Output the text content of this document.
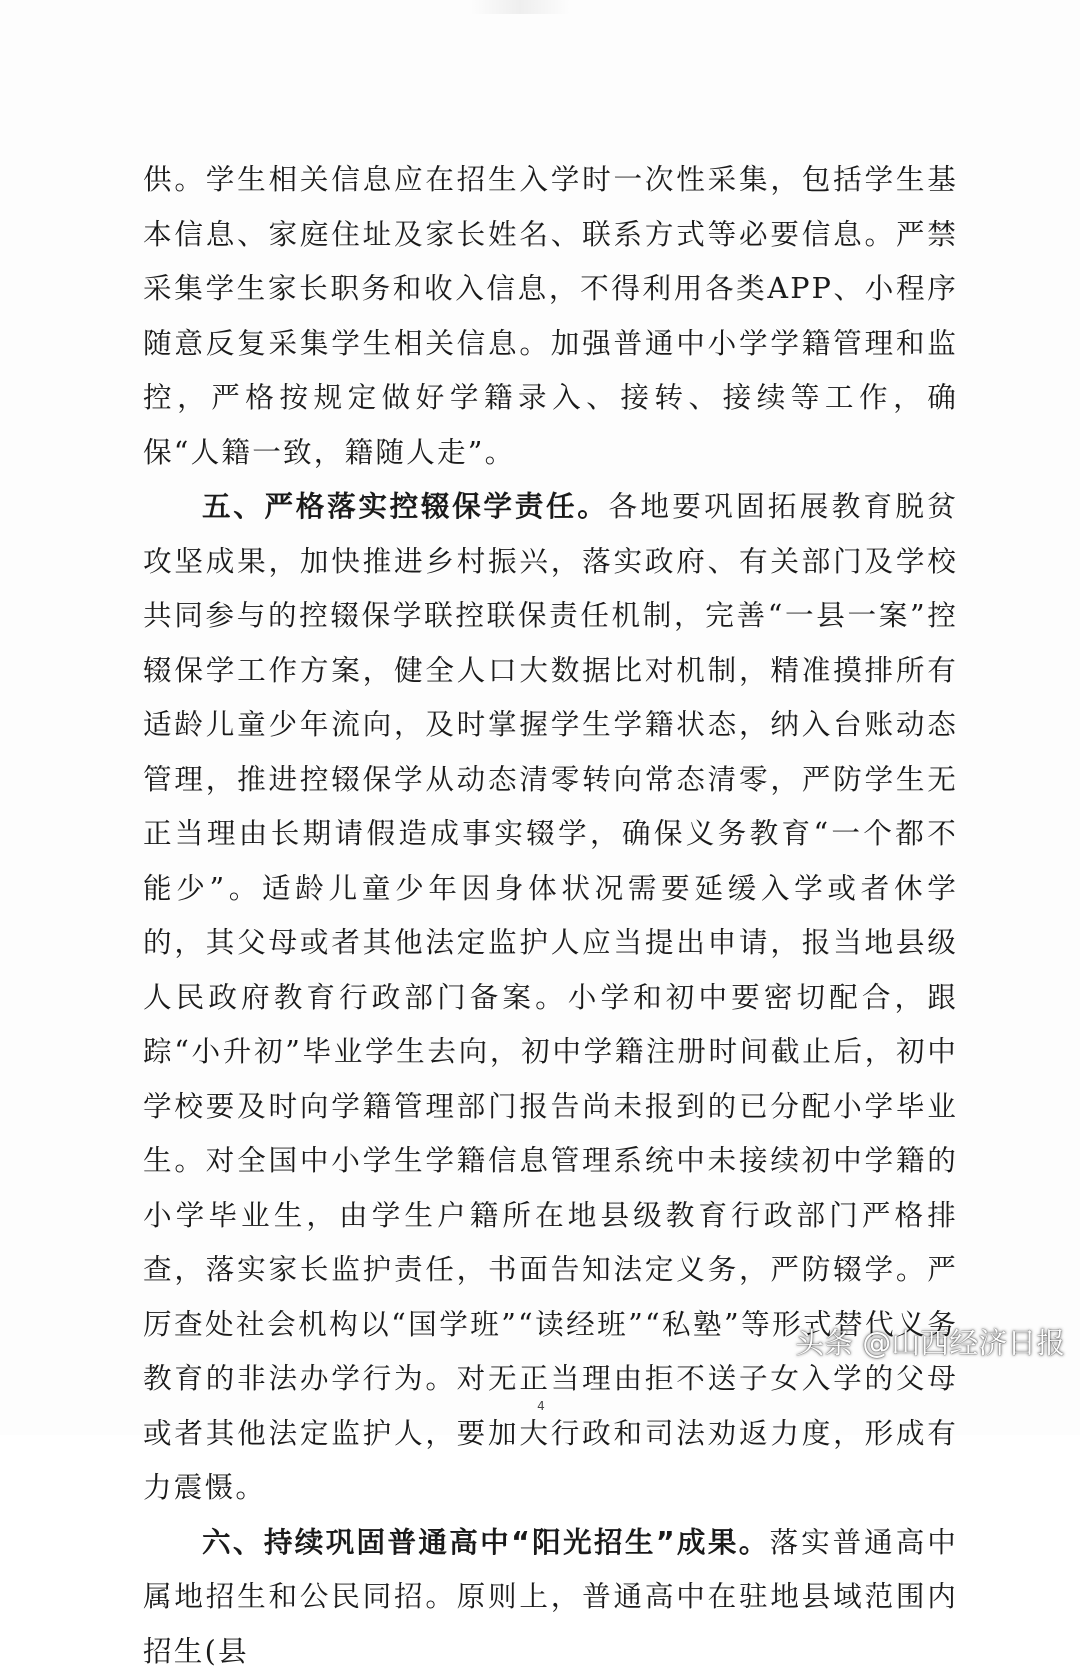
供。学生相关信息应在招生入学时一次性采集，包括学生基本信息、家庭住址及家长姓名、联系方式等必要信息。严禁采集学生家长职务和收入信息，不得利用各类APP、小程序随意反复采集学生相关信息。加强普通中小学学籍管理和监控，严格按规定做好学籍录入、接转、接续等工作，确保“人籍一致，籍随人走”。

五、严格落实控辍保学责任。各地要巩固拓展教育脱贫攻坚成果，加快推进乡村振兴，落实政府、有关部门及学校共同参与的控辍保学联控联保责任机制，完善“一县一案”控辍保学工作方案，健全人口大数据比对机制，精准摸排所有适龄儿童少年流向，及时掌握学生学籍状态，纳入台账动态管理，推进控辍保学从动态清零转向常态清零，严防学生无正当理由长期请假造成事实辍学，确保义务教育“一个都不能少”。适龄儿童少年因身体状况需要延缓入学或者休学的，其父母或者其他法定监护人应当提出申请，报当地县级人民政府教育行政部门备案。小学和初中要密切配合，跟踪“小升初”毕业学生去向，初中学籍注册时间截止后，初中学校要及时向学籍管理部门报告尚未报到的已分配小学毕业生。对全国中小学生学籍信息管理系统中未接续初中学籍的小学毕业生，由学生户籍所在地县级教育行政部门严格排查，落实家长监护责任，书面告知法定义务，严防辍学。严厉查处社会机构以“国学班”“读经班”“私塾”等形式替代义务教育的非法办学行为。对无正当理由拒不送子女入学的父母或者其他法定监护人，要加大行政和司法劝返力度，形成有力震慑。

六、持续巩固普通高中“阳光招生”成果。落实普通高中属地招生和公民同招。原则上，普通高中在驻地县域范围内招生(县

4
头条 @山西经济日报
